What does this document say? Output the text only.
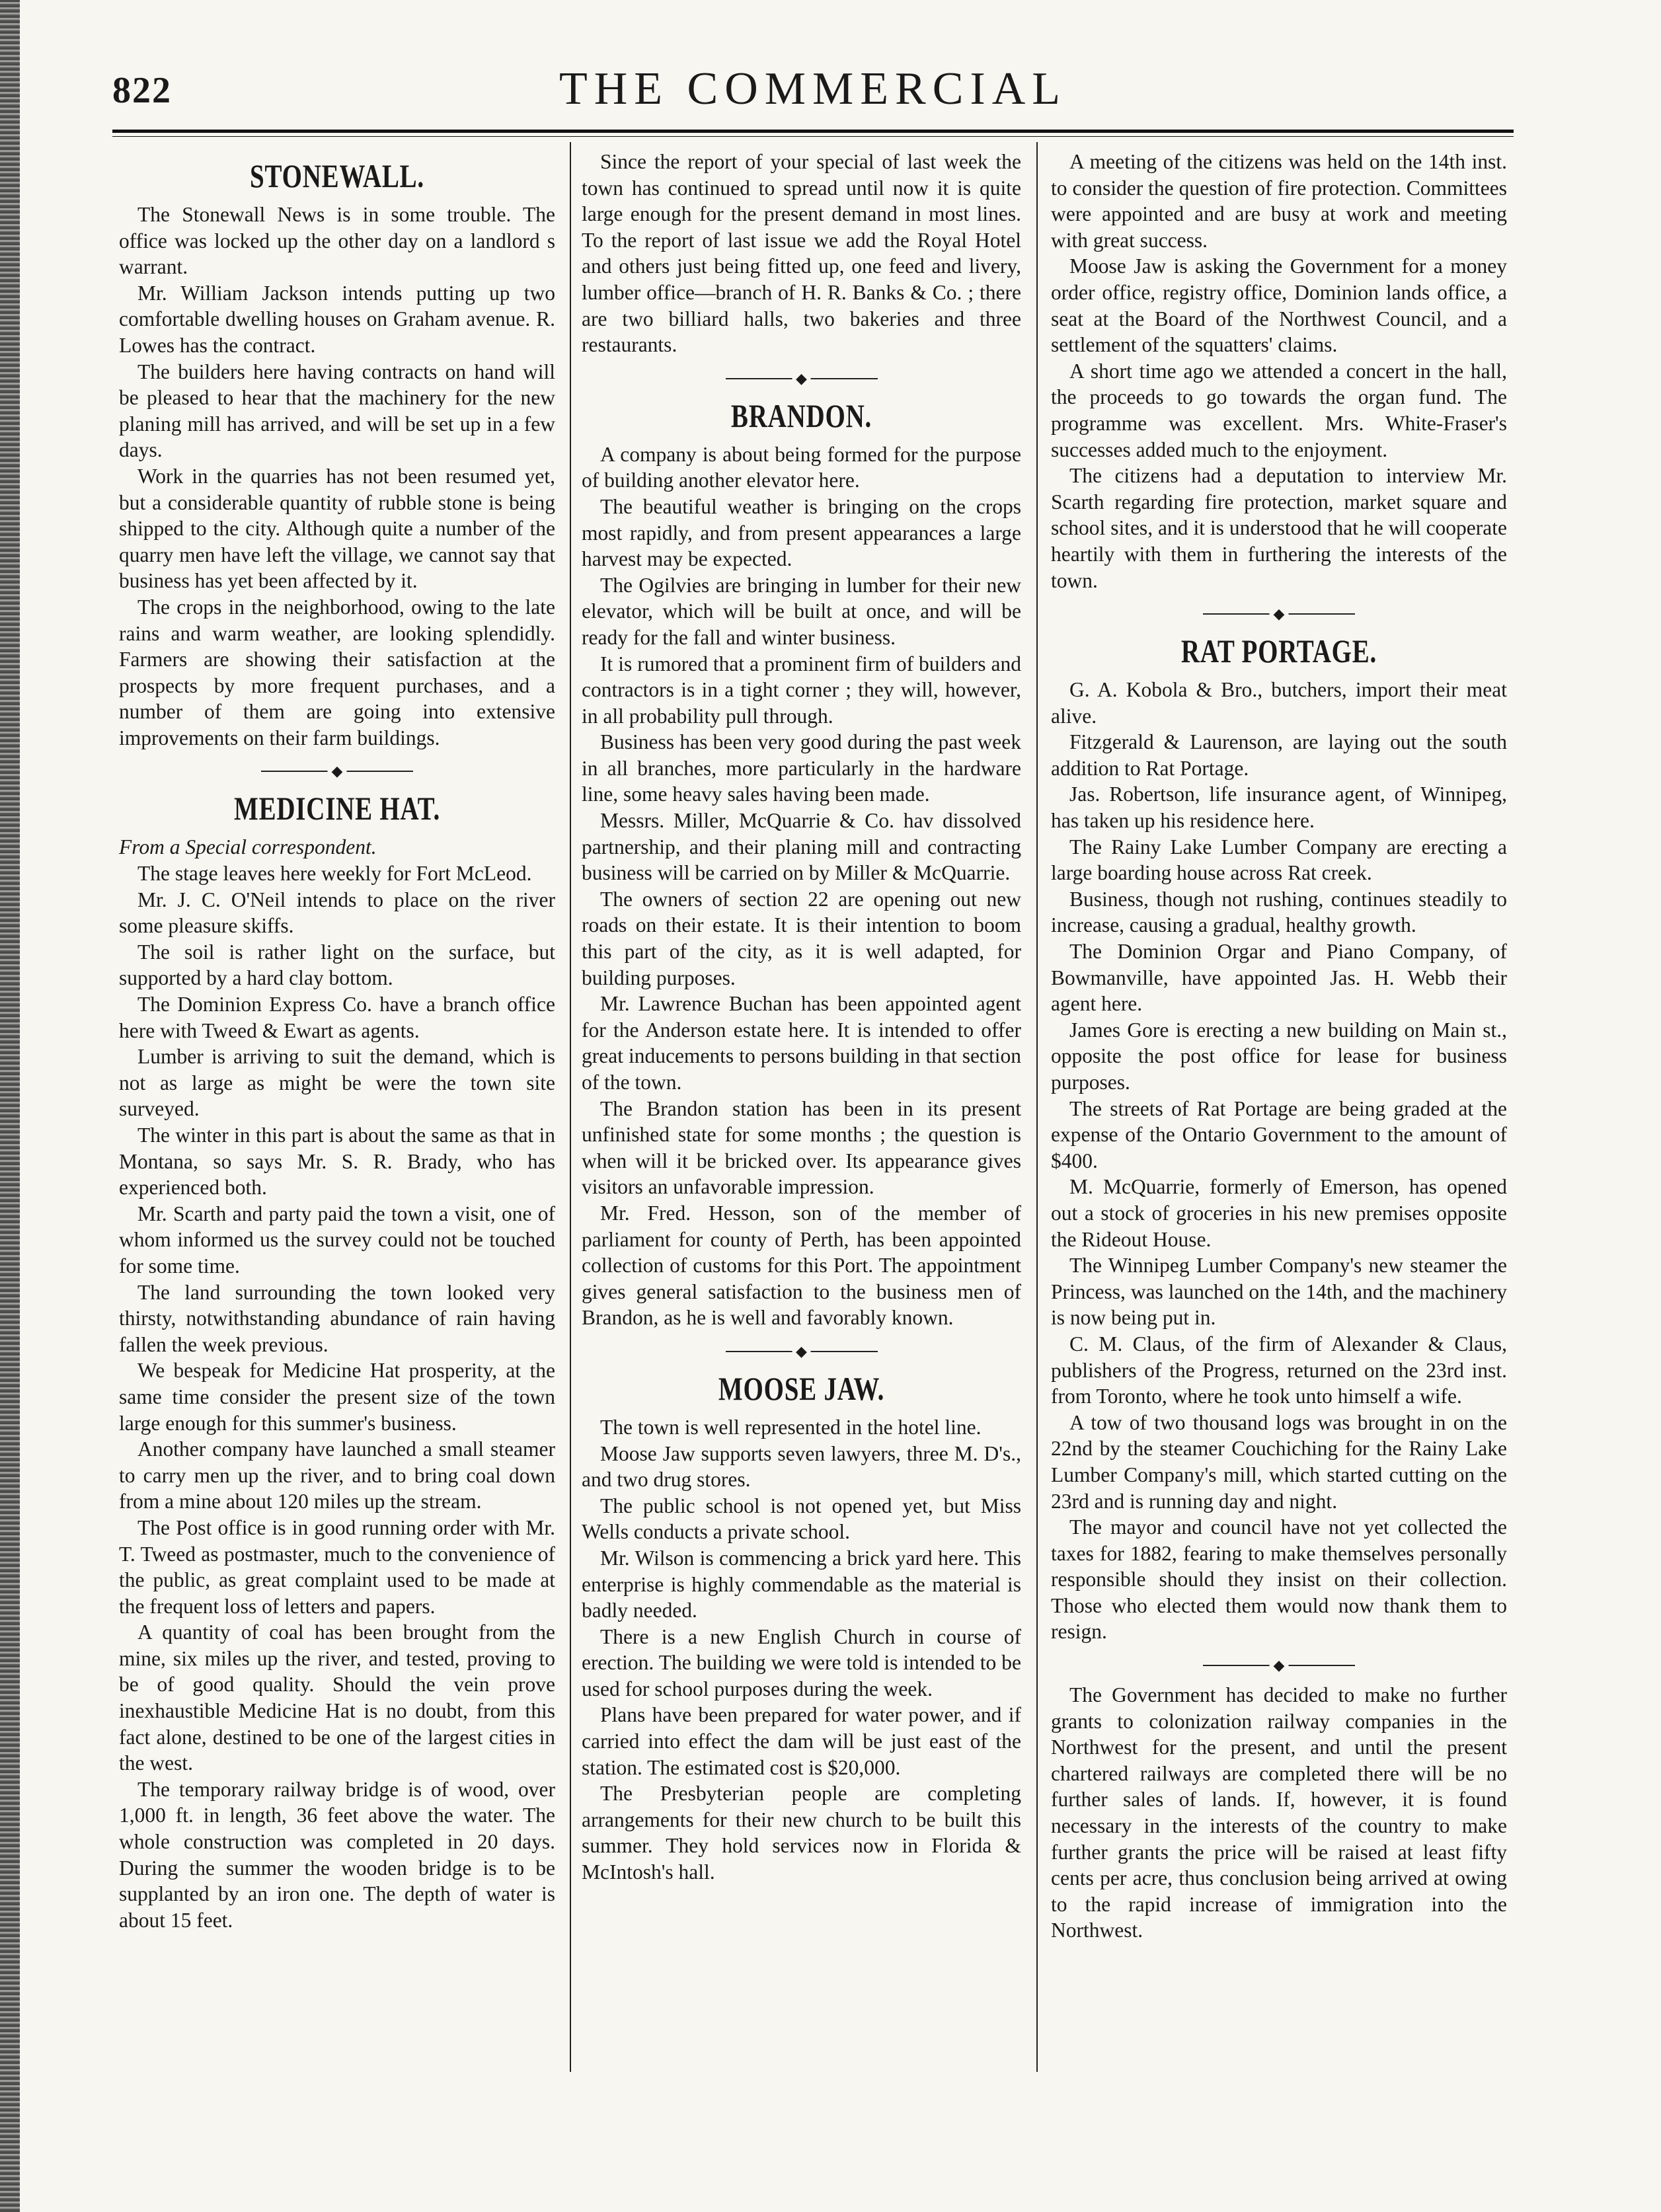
822	THE COMMERCIAL
STONEWALL.

The Stonewall News is in some trouble. The office was locked up the other day on a landlord s warrant.

Mr. William Jackson intends putting up two comfortable dwelling houses on Graham avenue. R. Lowes has the contract.

The builders here having contracts on hand will be pleased to hear that the machinery for the new planing mill has arrived, and will be set up in a few days.

Work in the quarries has not been resumed yet, but a considerable quantity of rubble stone is being shipped to the city. Although quite a number of the quarry men have left the village, we cannot say that business has yet been affected by it.

The crops in the neighborhood, owing to the late rains and warm weather, are looking splendidly. Farmers are showing their satisfaction at the prospects by more frequent purchases, and a number of them are going into extensive improvements on their farm buildings.

◆
MEDICINE HAT.

From a Special correspondent.

The stage leaves here weekly for Fort McLeod.

Mr. J. C. O'Neil intends to place on the river some pleasure skiffs.

The soil is rather light on the surface, but supported by a hard clay bottom.

The Dominion Express Co. have a branch office here with Tweed & Ewart as agents.

Lumber is arriving to suit the demand, which is not as large as might be were the town site surveyed.

The winter in this part is about the same as that in Montana, so says Mr. S. R. Brady, who has experienced both.

Mr. Scarth and party paid the town a visit, one of whom informed us the survey could not be touched for some time.

The land surrounding the town looked very thirsty, notwithstanding abundance of rain having fallen the week previous.

We bespeak for Medicine Hat prosperity, at the same time consider the present size of the town large enough for this summer's business.

Another company have launched a small steamer to carry men up the river, and to bring coal down from a mine about 120 miles up the stream.

The Post office is in good running order with Mr. T. Tweed as postmaster, much to the convenience of the public, as great complaint used to be made at the frequent loss of letters and papers.

A quantity of coal has been brought from the mine, six miles up the river, and tested, proving to be of good quality. Should the vein prove inexhaustible Medicine Hat is no doubt, from this fact alone, destined to be one of the largest cities in the west.

The temporary railway bridge is of wood, over 1,000 ft. in length, 36 feet above the water. The whole construction was completed in 20 days. During the summer the wooden bridge is to be supplanted by an iron one. The depth of water is about 15 feet.

Since the report of your special of last week the town has continued to spread until now it is quite large enough for the present demand in most lines. To the report of last issue we add the Royal Hotel and others just being fitted up, one feed and livery, lumber office—branch of H. R. Banks & Co. ; there are two billiard halls, two bakeries and three restaurants.

◆
BRANDON.

A company is about being formed for the purpose of building another elevator here.

The beautiful weather is bringing on the crops most rapidly, and from present appearances a large harvest may be expected.

The Ogilvies are bringing in lumber for their new elevator, which will be built at once, and will be ready for the fall and winter business.

It is rumored that a prominent firm of builders and contractors is in a tight corner ; they will, however, in all probability pull through.

Business has been very good during the past week in all branches, more particularly in the hardware line, some heavy sales having been made.

Messrs. Miller, McQuarrie & Co. hav dissolved partnership, and their planing mill and contracting business will be carried on by Miller & McQuarrie.

The owners of section 22 are opening out new roads on their estate. It is their intention to boom this part of the city, as it is well adapted, for building purposes.

Mr. Lawrence Buchan has been appointed agent for the Anderson estate here. It is intended to offer great inducements to persons building in that section of the town.

The Brandon station has been in its present unfinished state for some months ; the question is when will it be bricked over. Its appearance gives visitors an unfavorable impression.

Mr. Fred. Hesson, son of the member of parliament for county of Perth, has been appointed collection of customs for this Port. The appointment gives general satisfaction to the business men of Brandon, as he is well and favorably known.

◆
MOOSE JAW.

The town is well represented in the hotel line.

Moose Jaw supports seven lawyers, three M. D's., and two drug stores.

The public school is not opened yet, but Miss Wells conducts a private school.

Mr. Wilson is commencing a brick yard here. This enterprise is highly commendable as the material is badly needed.

There is a new English Church in course of erection. The building we were told is intended to be used for school purposes during the week.

Plans have been prepared for water power, and if carried into effect the dam will be just east of the station. The estimated cost is $20,000.

The Presbyterian people are completing arrangements for their new church to be built this summer. They hold services now in Florida & McIntosh's hall.

A meeting of the citizens was held on the 14th inst. to consider the question of fire protection. Committees were appointed and are busy at work and meeting with great success.

Moose Jaw is asking the Government for a money order office, registry office, Dominion lands office, a seat at the Board of the Northwest Council, and a settlement of the squatters' claims.

A short time ago we attended a concert in the hall, the proceeds to go towards the organ fund. The programme was excellent. Mrs. White-Fraser's successes added much to the enjoyment.

The citizens had a deputation to interview Mr. Scarth regarding fire protection, market square and school sites, and it is understood that he will cooperate heartily with them in furthering the interests of the town.

◆
RAT PORTAGE.

G. A. Kobola & Bro., butchers, import their meat alive.

Fitzgerald & Laurenson, are laying out the south addition to Rat Portage.

Jas. Robertson, life insurance agent, of Winnipeg, has taken up his residence here.

The Rainy Lake Lumber Company are erecting a large boarding house across Rat creek.

Business, though not rushing, continues steadily to increase, causing a gradual, healthy growth.

The Dominion Orgar and Piano Company, of Bowmanville, have appointed Jas. H. Webb their agent here.

James Gore is erecting a new building on Main st., opposite the post office for lease for business purposes.

The streets of Rat Portage are being graded at the expense of the Ontario Government to the amount of $400.

M. McQuarrie, formerly of Emerson, has opened out a stock of groceries in his new premises opposite the Rideout House.

The Winnipeg Lumber Company's new steamer the Princess, was launched on the 14th, and the machinery is now being put in.

C. M. Claus, of the firm of Alexander & Claus, publishers of the Progress, returned on the 23rd inst. from Toronto, where he took unto himself a wife.

A tow of two thousand logs was brought in on the 22nd by the steamer Couchiching for the Rainy Lake Lumber Company's mill, which started cutting on the 23rd and is running day and night.

The mayor and council have not yet collected the taxes for 1882, fearing to make themselves personally responsible should they insist on their collection. Those who elected them would now thank them to resign.

◆

The Government has decided to make no further grants to colonization railway companies in the Northwest for the present, and until the present chartered railways are completed there will be no further sales of lands. If, however, it is found necessary in the interests of the country to make further grants the price will be raised at least fifty cents per acre, thus conclusion being arrived at owing to the rapid increase of immigration into the Northwest.
